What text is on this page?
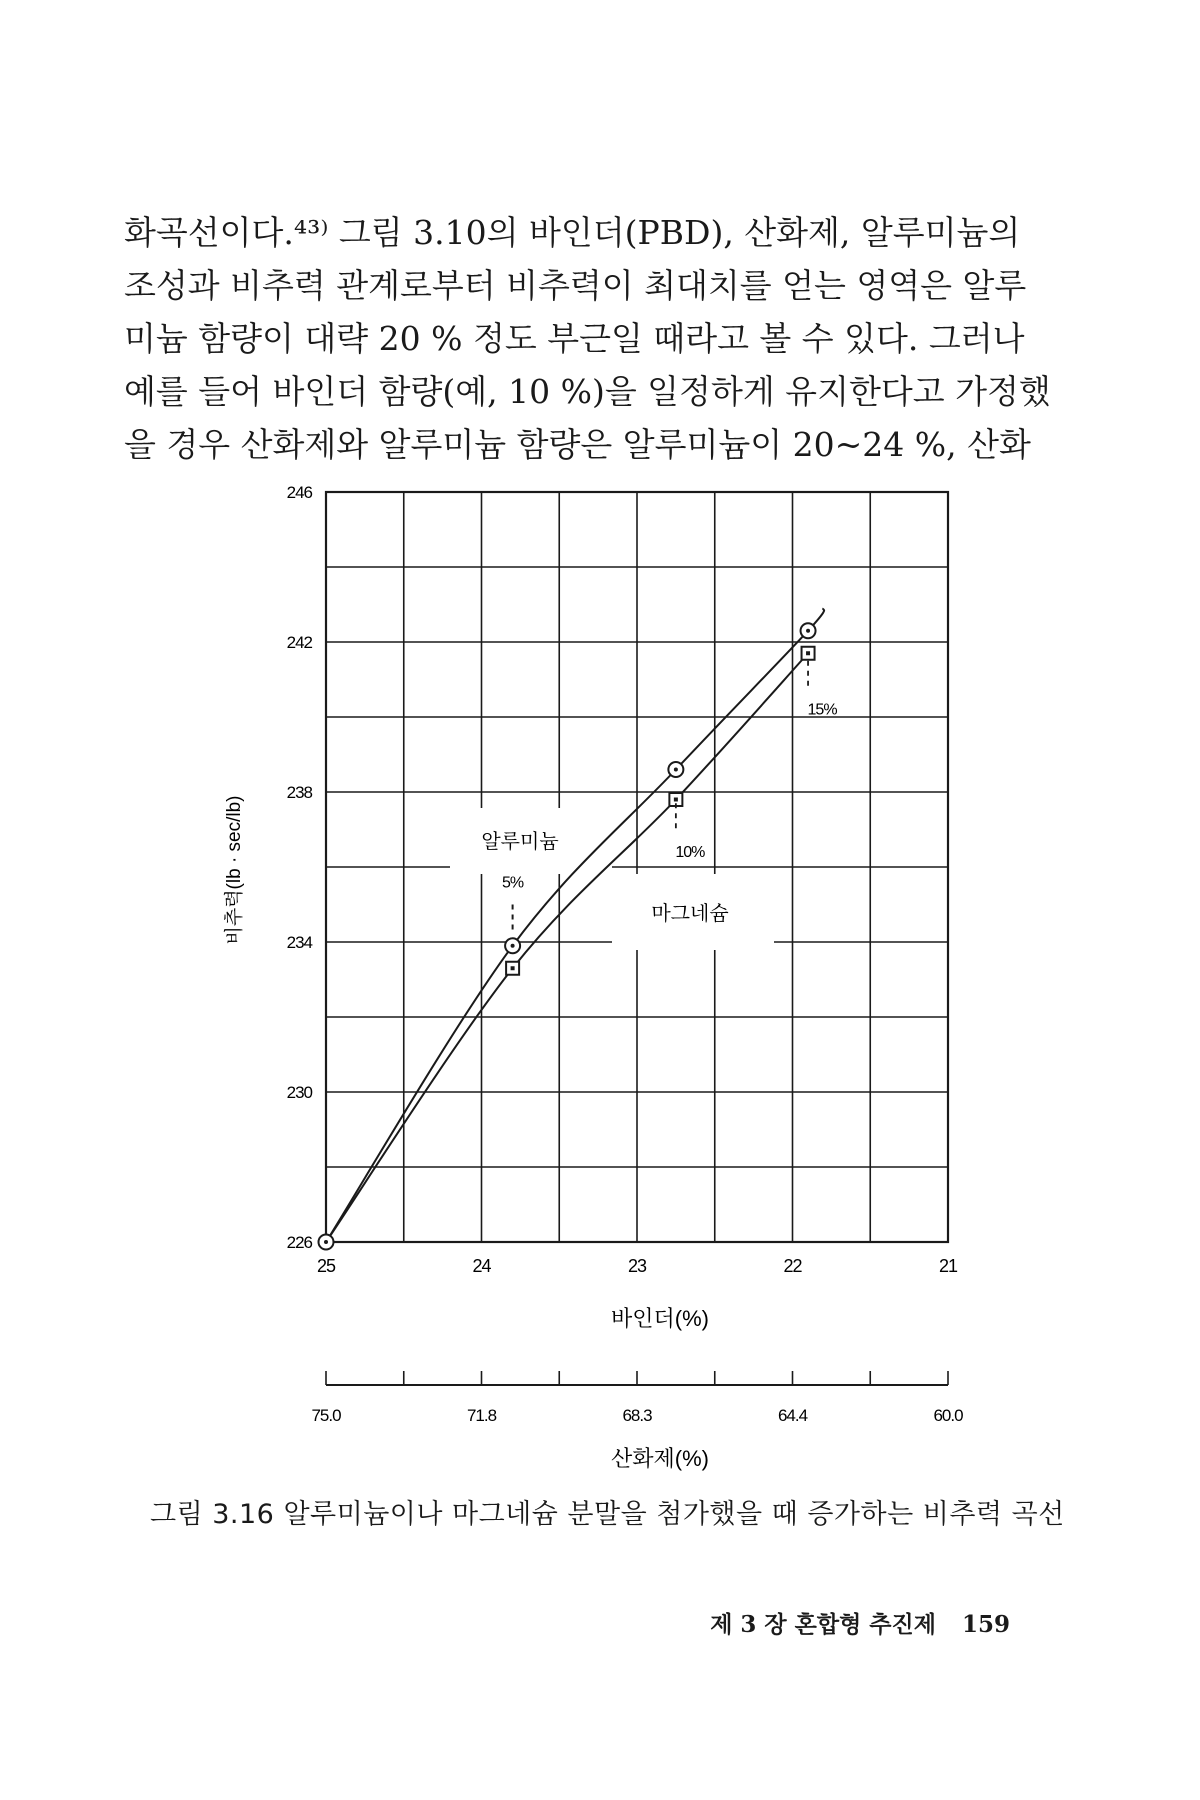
화곡선이다.⁴³⁾ 그림 3.10의 바인더(PBD), 산화제, 알루미늄의
조성과 비추력 관계로부터 비추력이 최대치를 얻는 영역은 알루
미늄 함량이 대략 20 % 정도 부근일 때라고 볼 수 있다. 그러나
예를 들어 바인더 함량(예, 10 %)을 일정하게 유지한다고 가정했
을 경우 산화제와 알루미늄 함량은 알루미늄이 20~24 %, 산화
246
242
238
234
230
226
25	24	23	22	21
바인더(%)
비추력(lb · sec/lb)
75.0	71.8	68.3	64.4	60.0
산화제(%)
알루미늄
마그네슘
5%
10%
15%
그림 3.16 알루미늄이나 마그네슘 분말을 첨가했을 때 증가하는 비추력 곡선
제 3 장 혼합형 추진제 159
